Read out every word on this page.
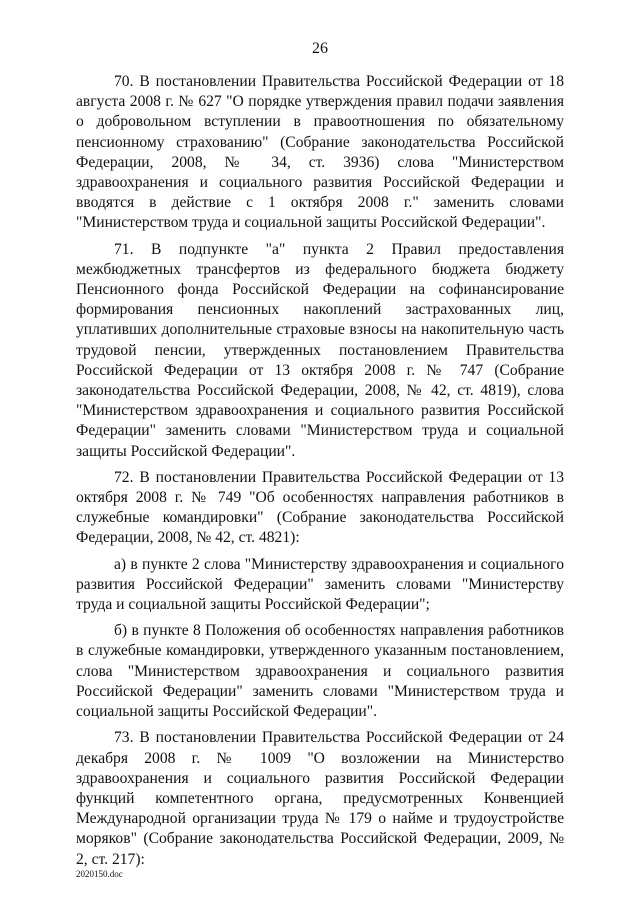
26

70. В постановлении Правительства Российской Федерации от 18 августа 2008 г. № 627 "О порядке утверждения правил подачи заявления о добровольном вступлении в правоотношения по обязательному пенсионному страхованию" (Собрание законодательства Российской Федерации, 2008, № 34, ст. 3936) слова "Министерством здравоохранения и социального развития Российской Федерации и вводятся в действие с 1 октября 2008 г." заменить словами "Министерством труда и социальной защиты Российской Федерации".

71. В подпункте "а" пункта 2 Правил предоставления межбюджетных трансфертов из федерального бюджета бюджету Пенсионного фонда Российской Федерации на софинансирование формирования пенсионных накоплений застрахованных лиц, уплативших дополнительные страховые взносы на накопительную часть трудовой пенсии, утвержденных постановлением Правительства Российской Федерации от 13 октября 2008 г. № 747 (Собрание законодательства Российской Федерации, 2008, № 42, ст. 4819), слова "Министерством здравоохранения и социального развития Российской Федерации" заменить словами "Министерством труда и социальной защиты Российской Федерации".

72. В постановлении Правительства Российской Федерации от 13 октября 2008 г. № 749 "Об особенностях направления работников в служебные командировки" (Собрание законодательства Российской Федерации, 2008, № 42, ст. 4821):

а) в пункте 2 слова "Министерству здравоохранения и социального развития Российской Федерации" заменить словами "Министерству труда и социальной защиты Российской Федерации";

б) в пункте 8 Положения об особенностях направления работников в служебные командировки, утвержденного указанным постановлением, слова "Министерством здравоохранения и социального развития Российской Федерации" заменить словами "Министерством труда и социальной защиты Российской Федерации".

73. В постановлении Правительства Российской Федерации от 24 декабря 2008 г. № 1009 "О возложении на Министерство здравоохранения и социального развития Российской Федерации функций компетентного органа, предусмотренных Конвенцией Международной организации труда № 179 о найме и трудоустройстве моряков" (Собрание законодательства Российской Федерации, 2009, № 2, ст. 217):

2020150.doc
